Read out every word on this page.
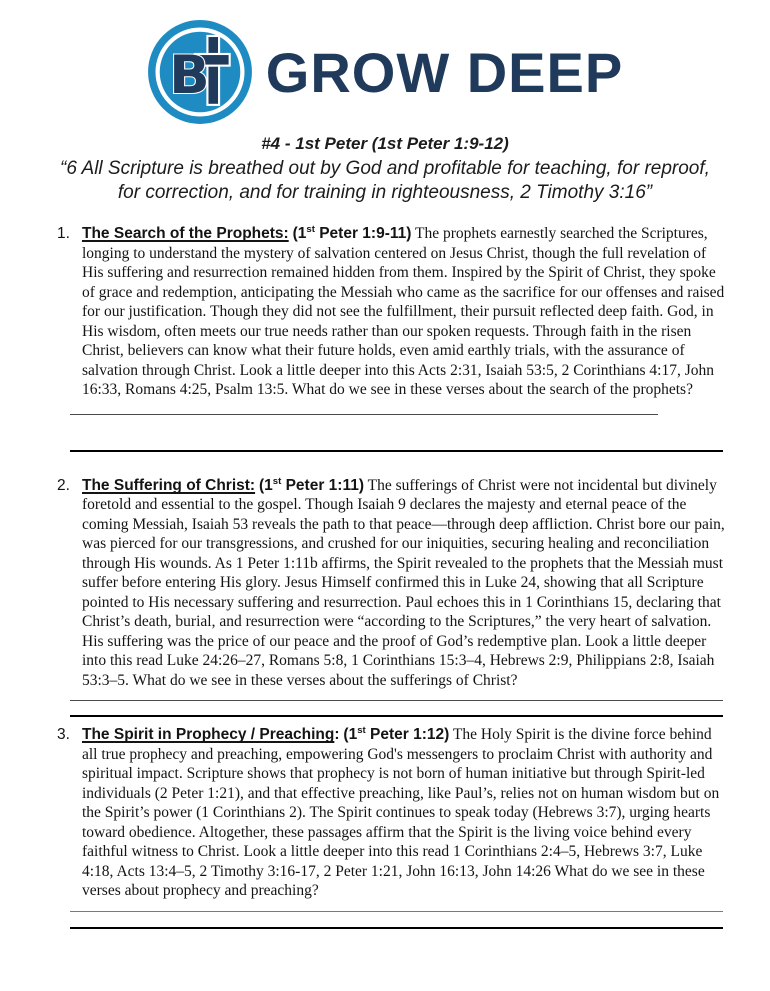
B GROW DEEP
#4 - 1st Peter (1st Peter 1:9-12)
“6 All Scripture is breathed out by God and profitable for teaching, for reproof, for correction, and for training in righteousness, 2 Timothy 3:16”
1. The Search of the Prophets: (1st Peter 1:9-11) The prophets earnestly searched the Scriptures, longing to understand the mystery of salvation centered on Jesus Christ, though the full revelation of His suffering and resurrection remained hidden from them. Inspired by the Spirit of Christ, they spoke of grace and redemption, anticipating the Messiah who came as the sacrifice for our offenses and raised for our justification. Though they did not see the fulfillment, their pursuit reflected deep faith. God, in His wisdom, often meets our true needs rather than our spoken requests. Through faith in the risen Christ, believers can know what their future holds, even amid earthly trials, with the assurance of salvation through Christ. Look a little deeper into this Acts 2:31, Isaiah 53:5, 2 Corinthians 4:17, John 16:33, Romans 4:25, Psalm 13:5. What do we see in these verses about the search of the prophets?

2. The Suffering of Christ: (1st Peter 1:11) The sufferings of Christ were not incidental but divinely foretold and essential to the gospel. Though Isaiah 9 declares the majesty and eternal peace of the coming Messiah, Isaiah 53 reveals the path to that peace—through deep affliction. Christ bore our pain, was pierced for our transgressions, and crushed for our iniquities, securing healing and reconciliation through His wounds. As 1 Peter 1:11b affirms, the Spirit revealed to the prophets that the Messiah must suffer before entering His glory. Jesus Himself confirmed this in Luke 24, showing that all Scripture pointed to His necessary suffering and resurrection. Paul echoes this in 1 Corinthians 15, declaring that Christ’s death, burial, and resurrection were “according to the Scriptures,” the very heart of salvation. His suffering was the price of our peace and the proof of God’s redemptive plan. Look a little deeper into this read Luke 24:26–27, Romans 5:8, 1 Corinthians 15:3–4, Hebrews 2:9, Philippians 2:8, Isaiah 53:3–5. What do we see in these verses about the sufferings of Christ?

3. The Spirit in Prophecy / Preaching: (1st Peter 1:12) The Holy Spirit is the divine force behind all true prophecy and preaching, empowering God's messengers to proclaim Christ with authority and spiritual impact. Scripture shows that prophecy is not born of human initiative but through Spirit-led individuals (2 Peter 1:21), and that effective preaching, like Paul’s, relies not on human wisdom but on the Spirit’s power (1 Corinthians 2). The Spirit continues to speak today (Hebrews 3:7), urging hearts toward obedience. Altogether, these passages affirm that the Spirit is the living voice behind every faithful witness to Christ. Look a little deeper into this read 1 Corinthians 2:4–5, Hebrews 3:7, Luke 4:18, Acts 13:4–5, 2 Timothy 3:16-17, 2 Peter 1:21, John 16:13, John 14:26 What do we see in these verses about prophecy and preaching?
